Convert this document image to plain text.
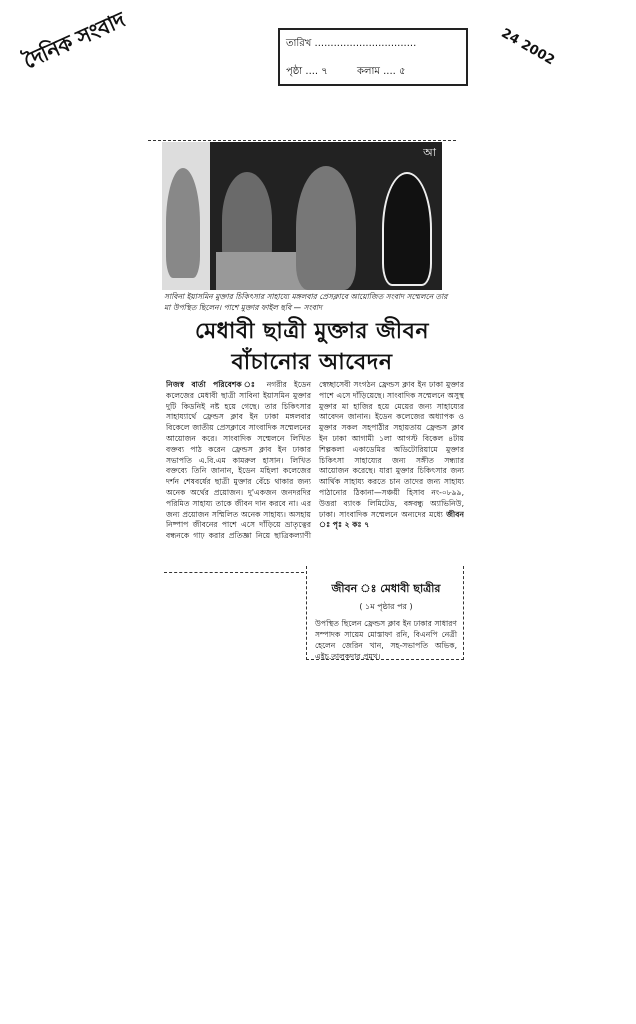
দৈনিক সংবাদ	তারিখ ................................
পৃষ্ঠা .... ৭	কলাম .... ৫
24 2002
আ
সাবিনা ইয়াসমিন মুক্তার চিকিৎসার সাহায্যে মঙ্গলবার প্রেসক্লাবে আয়োজিত সংবাদ সম্মেলনে তার মা উপস্থিত ছিলেন। পাশে মুক্তার ফাইল ছবি — সংবাদ
মেধাবী ছাত্রী মুক্তার জীবন
বাঁচানোর আবেদন

নিজস্ব বার্তা পরিবেশক ঃ নগরীর ইডেন কলেজের মেধাবী ছাত্রী সাবিনা ইয়াসমিন মুক্তার দুটি কিডনিই নষ্ট হয়ে গেছে। তার চিকিৎসার সাহায্যার্থে ফ্রেন্ডস ক্লাব ইন ঢাকা মঙ্গলবার বিকেলে জাতীয় প্রেসক্লাবে সাংবাদিক সম্মেলনের আয়োজন করে। সাংবাদিক সম্মেলনে লিখিত বক্তব্য পাঠ করেন ফ্রেন্ডস ক্লাব ইন ঢাকার সভাপতি এ.বি.এম কামরুল হাসান। লিখিত বক্তব্যে তিনি জানান, ইডেন মহিলা কলেজের দর্শন শেষবর্ষের ছাত্রী মুক্তার বেঁচে থাকার জন্য অনেক অর্থের প্রয়োজন। দু'একজন জনদরদির পরিমিত সাহায্য তাকে জীবন দান করবে না। এর জন্য প্রয়োজন সম্মিলিত অনেক সাহায্য। অসহায় নিষ্পাপ জীবনের পাশে এসে দাঁড়িয়ে ভ্রাতৃত্বের বন্ধনকে গাঢ় করার প্রতিজ্ঞা নিয়ে ছাত্রিকল্যাণী স্বেচ্ছাসেবী সংগঠন ফ্রেন্ডস ক্লাব ইন ঢাকা মুক্তার পাশে এসে দাঁড়িয়েছে। সাংবাদিক সম্মেলনে অসুস্থ মুক্তার মা হাজির হয়ে মেয়ের জন্য সাহায্যের আবেদন জানান। ইডেন কলেজের অধ্যাপক ও মুক্তার সকল সহপাঠীর সহায়তায় ফ্রেন্ডস ক্লাব ইন ঢাকা আগামী ১লা আগস্ট বিকেল ৪টায় শিল্পকলা একাডেমির অডিটোরিয়ামে মুক্তার চিকিৎসা সাহায্যের জন্য সঙ্গীত সন্ধ্যার আয়োজন করেছে। যারা মুক্তার চিকিৎসার জন্য আর্থিক সাহায্য করতে চান তাদের জন্য সাহায্য পাঠানোর ঠিকানা—সঞ্চয়ী হিসাব নং-০৮৯৯, উত্তরা ব্যাংক লিমিটেড, বঙ্গবন্ধু অ্যাভিনিউ, ঢাকা। সাংবাদিক সম্মেলনে অন্যদের মধ্যে জীবন ঃ পৃঃ ২ কঃ ৭

জীবন ঃ মেধাবী ছাত্রীর
( ১ম পৃষ্ঠার পর )
উপস্থিত ছিলেন ফ্রেন্ডস ক্লাব ইন ঢাকার সাধারণ সম্পাদক সায়েম মোস্তাফা রনি, বিএনপি নেত্রী হেলেন জেরিন খান, সহ-সভাপতি অভিক, এইচ.তালুকদার প্রমুখ।
